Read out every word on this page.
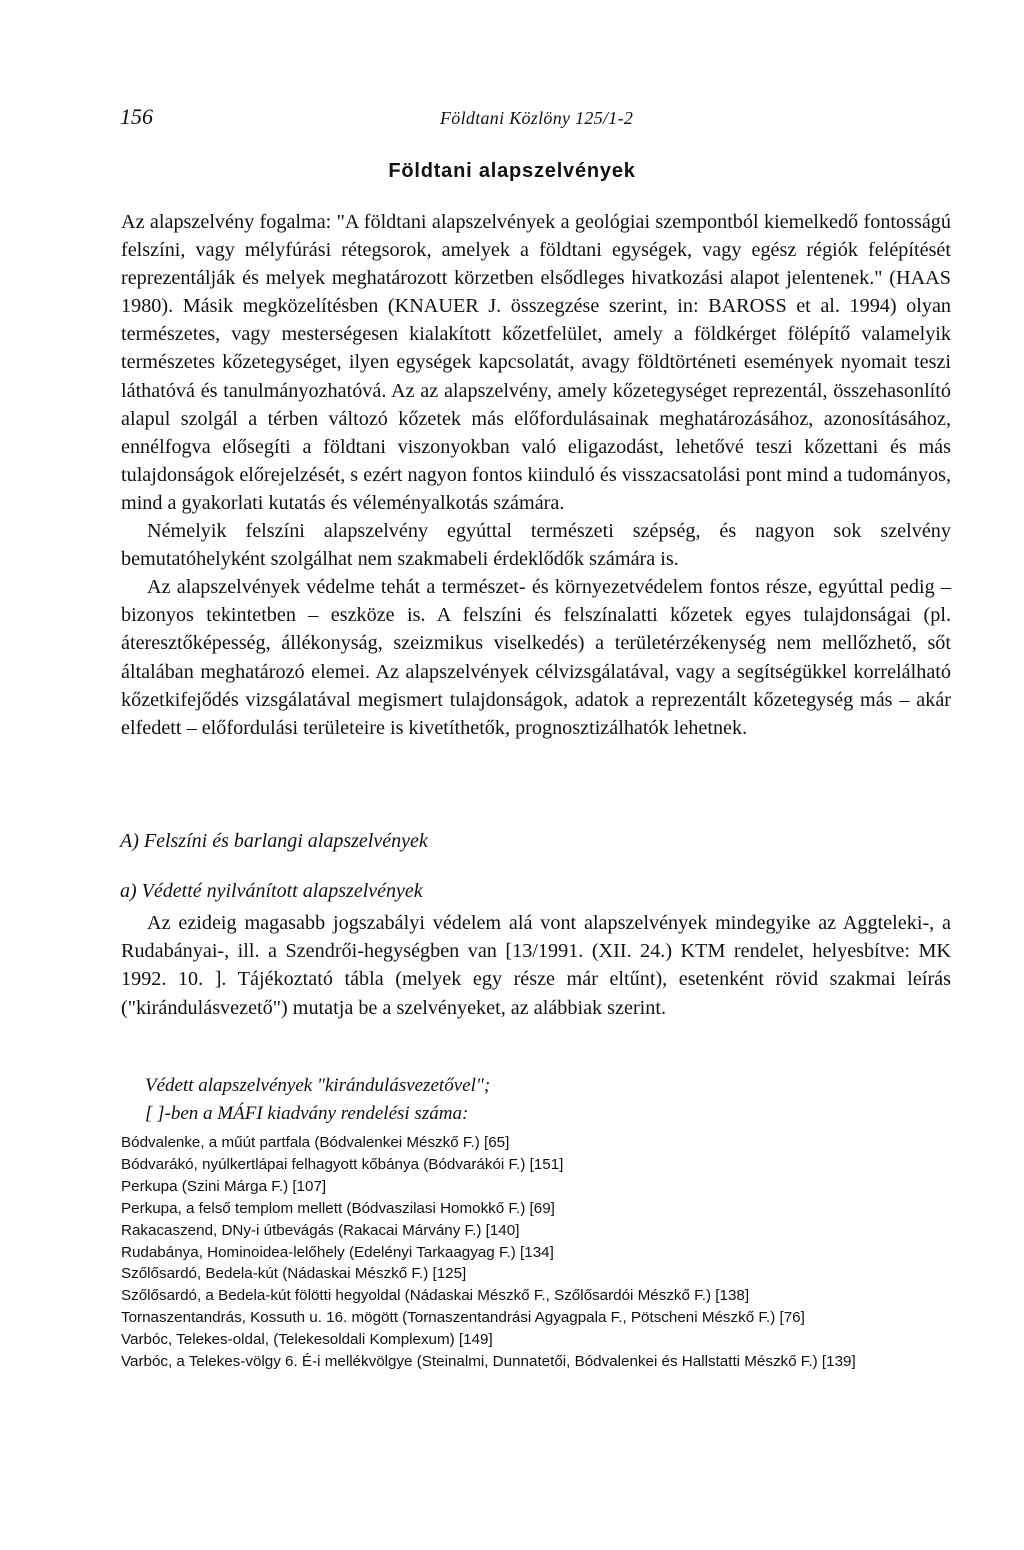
156	Földtani Közlöny 125/1-2
Földtani alapszelvények

Az alapszelvény fogalma: "A földtani alapszelvények a geológiai szempontból kiemelkedő fontosságú felszíni, vagy mélyfúrási rétegsorok, amelyek a földtani egységek, vagy egész régiók felépítését reprezentálják és melyek meghatározott körzetben elsődleges hivatkozási alapot jelentenek." (HAAS 1980). Másik megközelítésben (KNAUER J. összegzése szerint, in: BAROSS et al. 1994) olyan természetes, vagy mesterségesen kialakított kőzetfelület, amely a földkérget fölépítő valamelyik természetes kőzetegységet, ilyen egységek kapcsolatát, avagy földtörténeti események nyomait teszi láthatóvá és tanulmányozhatóvá. Az az alapszelvény, amely kőzetegységet reprezentál, összehasonlító alapul szolgál a térben változó kőzetek más előfordulásainak meghatározásához, azonosításához, ennélfogva elősegíti a földtani viszonyokban való eligazodást, lehetővé teszi kőzettani és más tulajdonságok előrejelzését, s ezért nagyon fontos kiinduló és visszacsatolási pont mind a tudományos, mind a gyakorlati kutatás és véleményalkotás számára.

Némelyik felszíni alapszelvény egyúttal természeti szépség, és nagyon sok szelvény bemutatóhelyként szolgálhat nem szakmabeli érdeklődők számára is.

Az alapszelvények védelme tehát a természet- és környezetvédelem fontos része, egyúttal pedig – bizonyos tekintetben – eszköze is. A felszíni és felszínalatti kőzetek egyes tulajdonságai (pl. áteresztőképesség, állékonyság, szeizmikus viselkedés) a területérzékenység nem mellőzhető, sőt általában meghatározó elemei. Az alapszelvények célvizsgálatával, vagy a segítségükkel korrelálható kőzetkifejődés vizsgálatával megismert tulajdonságok, adatok a reprezentált kőzetegység más – akár elfedett – előfordulási területeire is kivetíthetők, prognosztizálhatók lehetnek.

A) Felszíni és barlangi alapszelvények
a) Védetté nyilvánított alapszelvények

Az ezideig magasabb jogszabályi védelem alá vont alapszelvények mindegyike az Aggteleki-, a Rudabányai-, ill. a Szendrői-hegységben van [13/1991. (XII. 24.) KTM rendelet, helyesbítve: MK 1992. 10. ]. Tájékoztató tábla (melyek egy része már eltűnt), esetenként rövid szakmai leírás ("kirándulásvezető") mutatja be a szelvényeket, az alábbiak szerint.

Védett alapszelvények "kirándulásvezetővel";
[ ]-ben a MÁFI kiadvány rendelési száma:
Bódvalenke, a műút partfala (Bódvalenkei Mészkő F.) [65]
Bódvarákó, nyúlkertlápai felhagyott kőbánya (Bódvarákói F.) [151]
Perkupa (Szini Márga F.) [107]
Perkupa, a felső templom mellett (Bódvaszilasi Homokkő F.) [69]
Rakacaszend, DNy-i útbevágás (Rakacai Márvány F.) [140]
Rudabánya, Hominoidea-lelőhely (Edelényi Tarkaagyag F.) [134]
Szőlősardó, Bedela-kút (Nádaskai Mészkő F.) [125]
Szőlősardó, a Bedela-kút fölötti hegyoldal (Nádaskai Mészkő F., Szőlősardói Mészkő F.) [138]
Tornaszentandrás, Kossuth u. 16. mögött (Tornaszentandrási Agyagpala F., Pötscheni Mészkő F.) [76]
Varbóc, Telekes-oldal, (Telekesoldali Komplexum) [149]
Varbóc, a Telekes-völgy 6. É-i mellékvölgye (Steinalmi, Dunnatetői, Bódvalenkei és Hallstatti Mészkő F.) [139]
